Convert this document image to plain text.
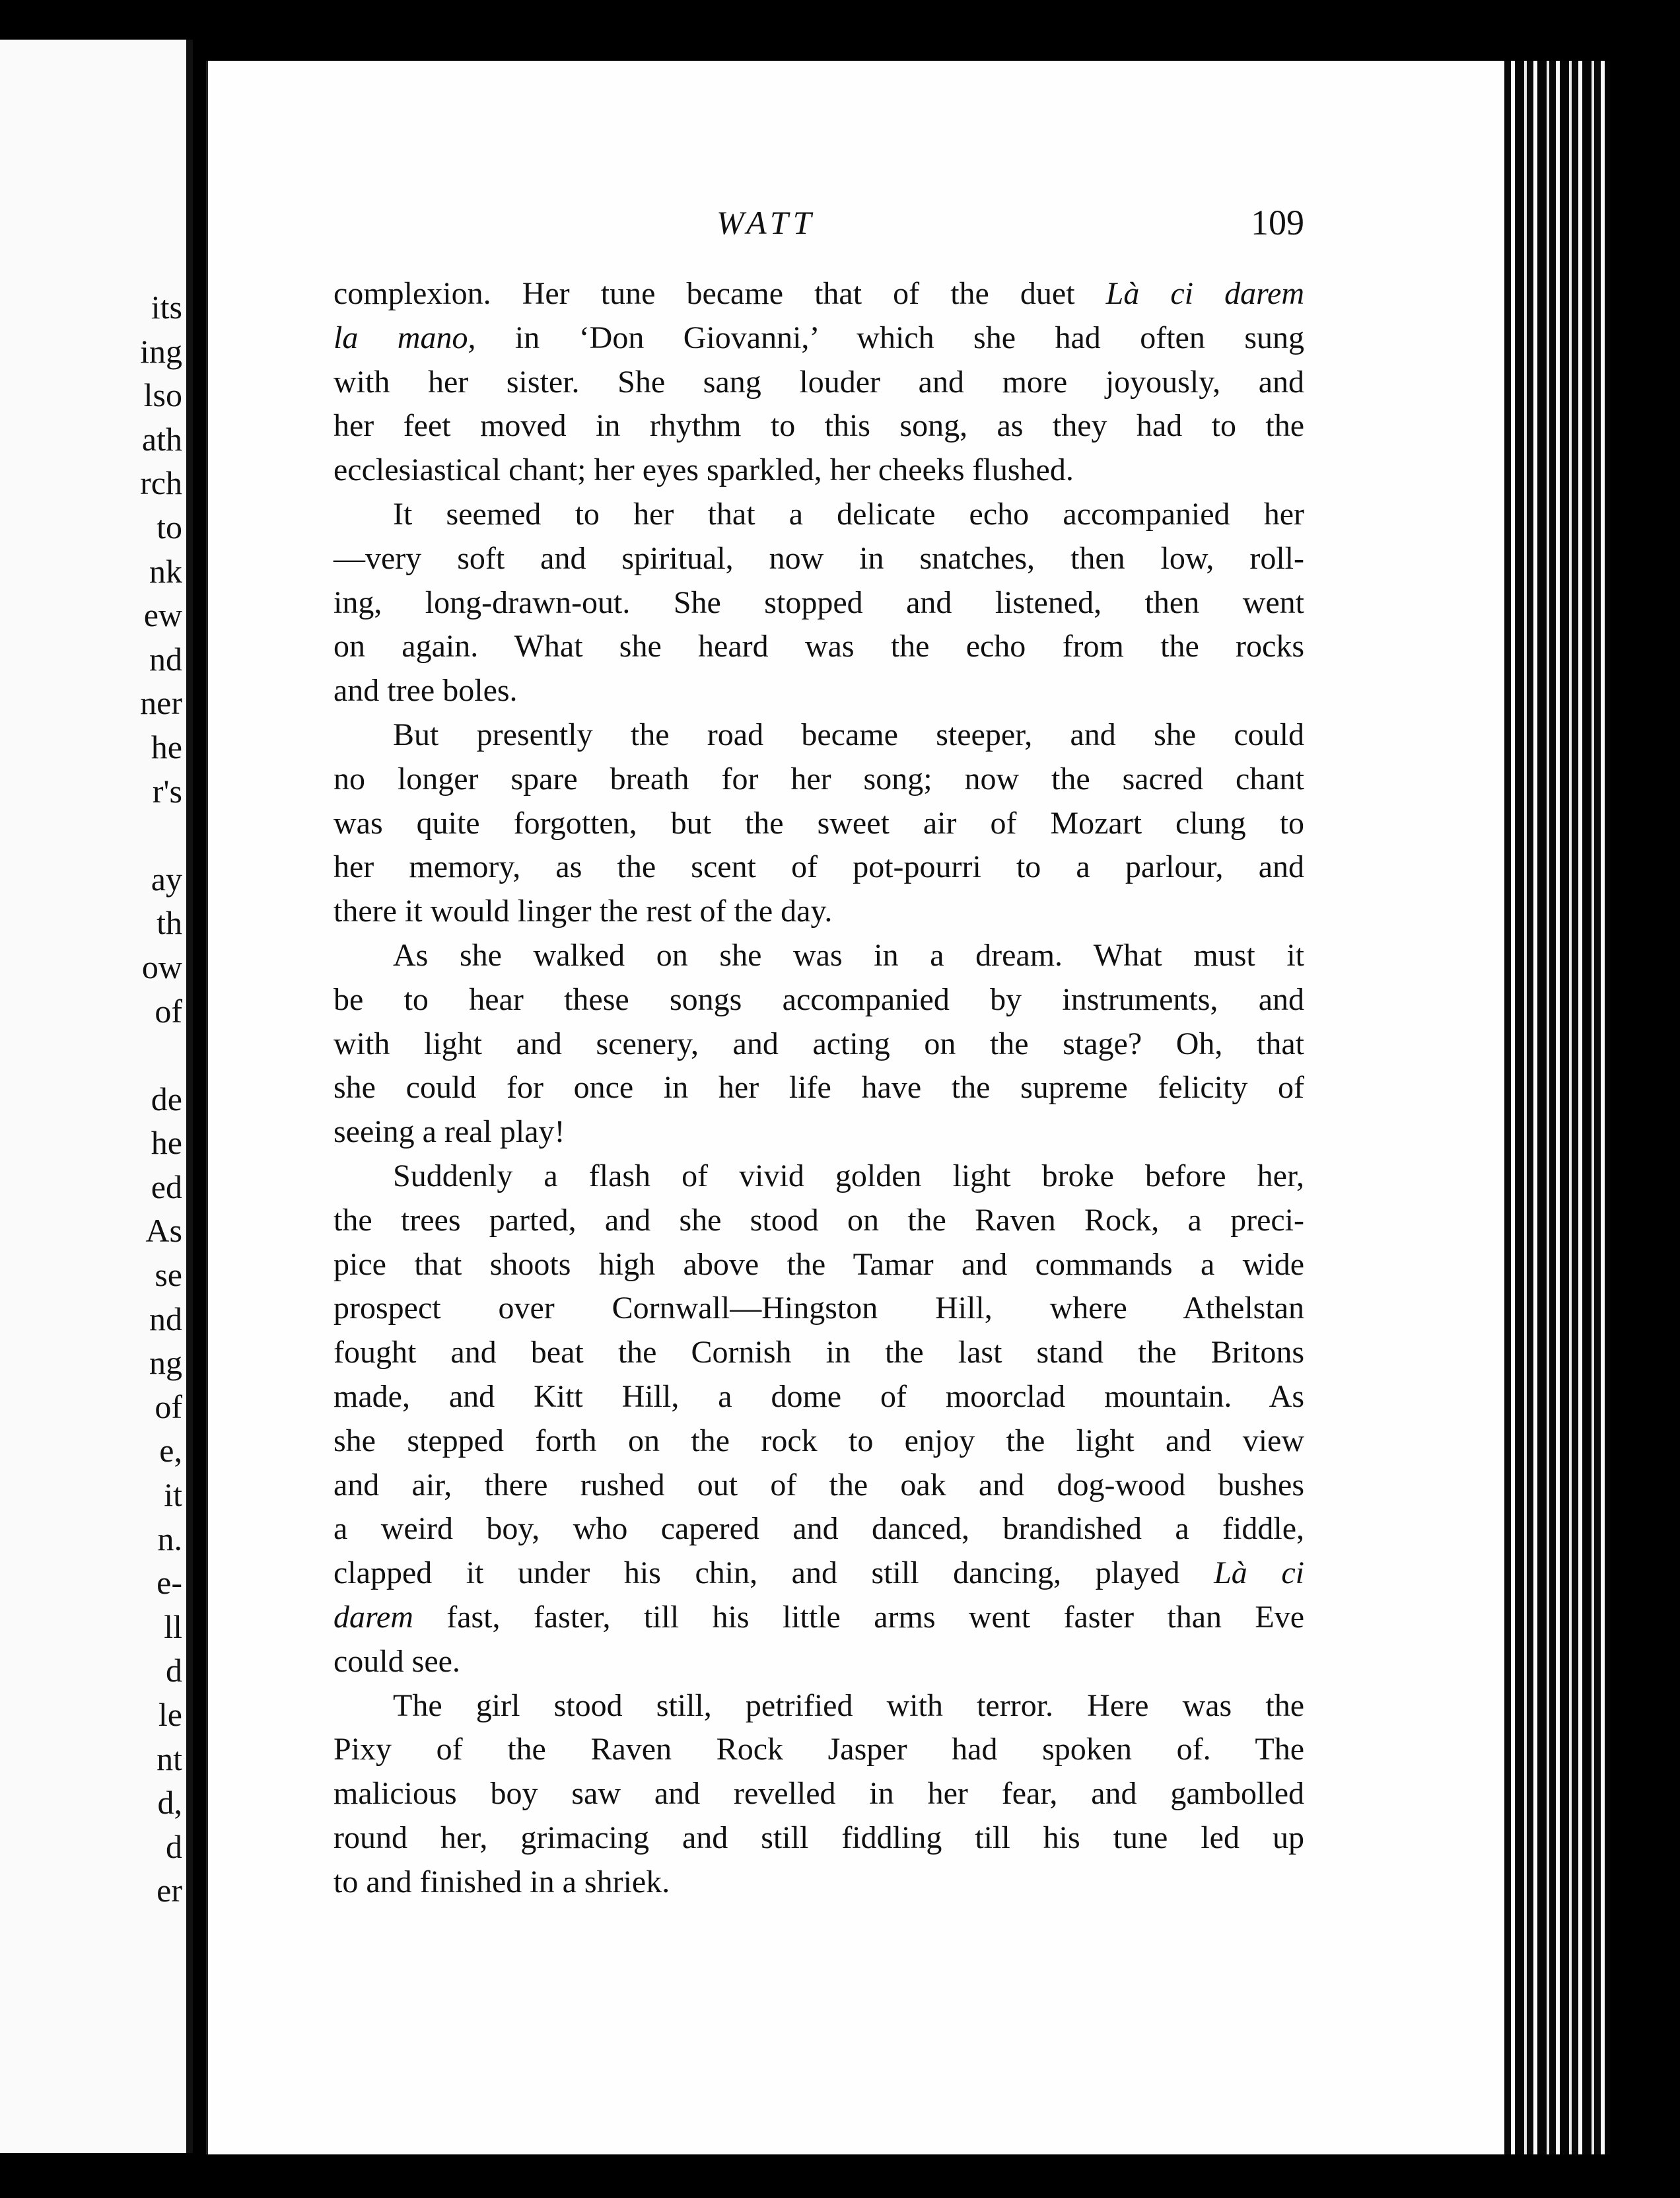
its
ing
lso
ath
rch
to
nk
ew
nd
ner
he
r's
ay
th
ow
of
de
he
ed
As
se
nd
ng
of
e,
it
n.
e-
ll
d
le
nt
d,
d
er
WATT	109
complexion. Her tune became that of the duet Là ci darem
la mano, in ‘Don Giovanni,’ which she had often sung
with her sister. She sang louder and more joyously, and
her feet moved in rhythm to this song, as they had to the
ecclesiastical chant; her eyes sparkled, her cheeks flushed.
It seemed to her that a delicate echo accompanied her
—very soft and spiritual, now in snatches, then low, roll-
ing, long-drawn-out. She stopped and listened, then went
on again. What she heard was the echo from the rocks
and tree boles.
But presently the road became steeper, and she could
no longer spare breath for her song; now the sacred chant
was quite forgotten, but the sweet air of Mozart clung to
her memory, as the scent of pot-pourri to a parlour, and
there it would linger the rest of the day.
As she walked on she was in a dream. What must it
be to hear these songs accompanied by instruments, and
with light and scenery, and acting on the stage? Oh, that
she could for once in her life have the supreme felicity of
seeing a real play!
Suddenly a flash of vivid golden light broke before her,
the trees parted, and she stood on the Raven Rock, a preci-
pice that shoots high above the Tamar and commands a wide
prospect over Cornwall—Hingston Hill, where Athelstan
fought and beat the Cornish in the last stand the Britons
made, and Kitt Hill, a dome of moorclad mountain. As
she stepped forth on the rock to enjoy the light and view
and air, there rushed out of the oak and dog-wood bushes
a weird boy, who capered and danced, brandished a fiddle,
clapped it under his chin, and still dancing, played Là ci
darem fast, faster, till his little arms went faster than Eve
could see.
The girl stood still, petrified with terror. Here was the
Pixy of the Raven Rock Jasper had spoken of. The
malicious boy saw and revelled in her fear, and gambolled
round her, grimacing and still fiddling till his tune led up
to and finished in a shriek.
